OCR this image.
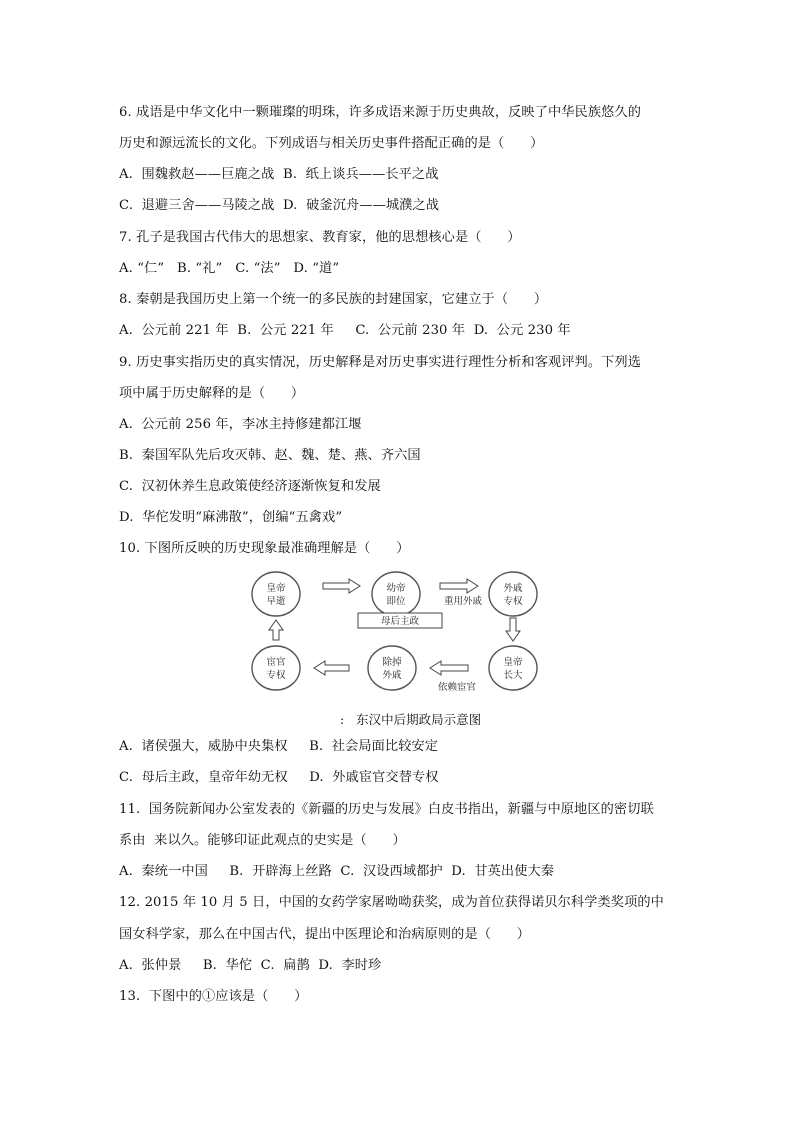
6. 成语是中华文化中一颗璀璨的明珠，许多成语来源于历史典故，反映了中华民族悠久的
历史和源远流长的文化。下列成语与相关历史事件搭配正确的是（      ）
A.  围魏救赵——巨鹿之战  B.  纸上谈兵——长平之战
C.  退避三舍——马陵之战  D.  破釜沉舟——城濮之战
7. 孔子是我国古代伟大的思想家、教育家，他的思想核心是（      ）
A. “仁”   B. “礼”   C. “法”   D. “道”
8. 秦朝是我国历史上第一个统一的多民族的封建国家，它建立于（      ）
A.  公元前 221 年  B.  公元 221 年     C.  公元前 230 年  D.  公元 230 年
9. 历史事实指历史的真实情况，历史解释是对历史事实进行理性分析和客观评判。下列选
项中属于历史解释的是（      ）
A.  公元前 256 年，李冰主持修建都江堰
B.  秦国军队先后攻灭韩、赵、魏、楚、燕、齐六国
C.  汉初休养生息政策使经济逐渐恢复和发展
D.  华佗发明“麻沸散”，创编“五禽戏”
10. 下图所反映的历史现象最准确理解是（      ）
皇帝
早逝
幼帝
即位
外戚
专权
皇帝
长大
除掉
外戚
宦官
专权
重用外戚
依赖宦官
母后主政
:   东汉中后期政局示意图
A.  诸侯强大，威胁中央集权     B.  社会局面比较安定
C.  母后主政，皇帝年幼无权     D.  外戚宦官交替专权
11.  国务院新闻办公室发表的《新疆的历史与发展》白皮书指出，新疆与中原地区的密切联
系由  来以久。能够印证此观点的史实是（      ）
A.  秦统一中国     B.  开辟海上丝路  C.  汉设西域都护  D.  甘英出使大秦
12. 2015 年 10 月 5 日，中国的女药学家屠呦呦获奖，成为首位获得诺贝尔科学类奖项的中
国女科学家，那么在中国古代，提出中医理论和治病原则的是（      ）
A.  张仲景     B.  华佗  C.  扁鹊  D.  李时珍
13.  下图中的①应该是（      ）
